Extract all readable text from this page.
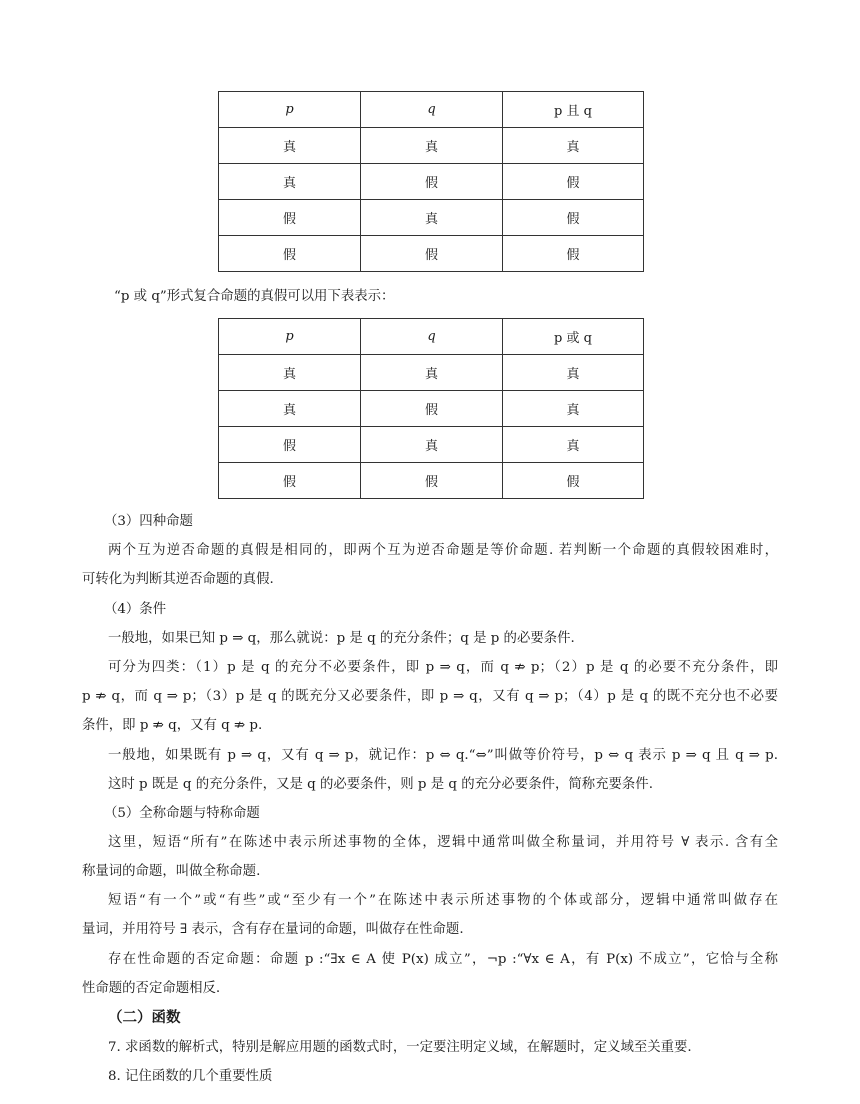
p	q	p 且 q
真	真	真
真	假	假
假	真	假
假	假	假
“p 或 q”形式复合命题的真假可以用下表表示：
p	q	p 或 q
真	真	真
真	假	真
假	真	真
假	假	假
（3）四种命题
两个互为逆否命题的真假是相同的，即两个互为逆否命题是等价命题. 若判断一个命题的真假较困难时，
可转化为判断其逆否命题的真假.
（4）条件
一般地，如果已知 p ⇒ q，那么就说：p 是 q 的充分条件；q 是 p 的必要条件.
可分为四类：（1）p 是 q 的充分不必要条件，即 p ⇒ q，而 q ⇏ p；（2）p 是 q 的必要不充分条件，即
p ⇏ q，而 q ⇒ p；（3）p 是 q 的既充分又必要条件，即 p ⇒ q，又有 q ⇒ p；（4）p 是 q 的既不充分也不必要
条件，即 p ⇏ q，又有 q ⇏ p.
一般地，如果既有 p ⇒ q，又有 q ⇒ p，就记作：p ⇔ q.“⇔”叫做等价符号，p ⇔ q 表示 p ⇒ q 且 q ⇒ p.
这时 p 既是 q 的充分条件，又是 q 的必要条件，则 p 是 q 的充分必要条件，简称充要条件.
（5）全称命题与特称命题
这里，短语“所有”在陈述中表示所述事物的全体，逻辑中通常叫做全称量词，并用符号 ∀ 表示. 含有全
称量词的命题，叫做全称命题.
短语“有一个”或“有些”或“至少有一个”在陈述中表示所述事物的个体或部分，逻辑中通常叫做存在
量词，并用符号 ∃ 表示，含有存在量词的命题，叫做存在性命题.
存在性命题的否定命题：命题 p :“∃x ∈ A 使 P(x) 成立”，¬p :“∀x ∈ A，有 P(x) 不成立”，它恰与全称
性命题的否定命题相反.
（二）函数
7. 求函数的解析式，特别是解应用题的函数式时，一定要注明定义域，在解题时，定义域至关重要.
8. 记住函数的几个重要性质
